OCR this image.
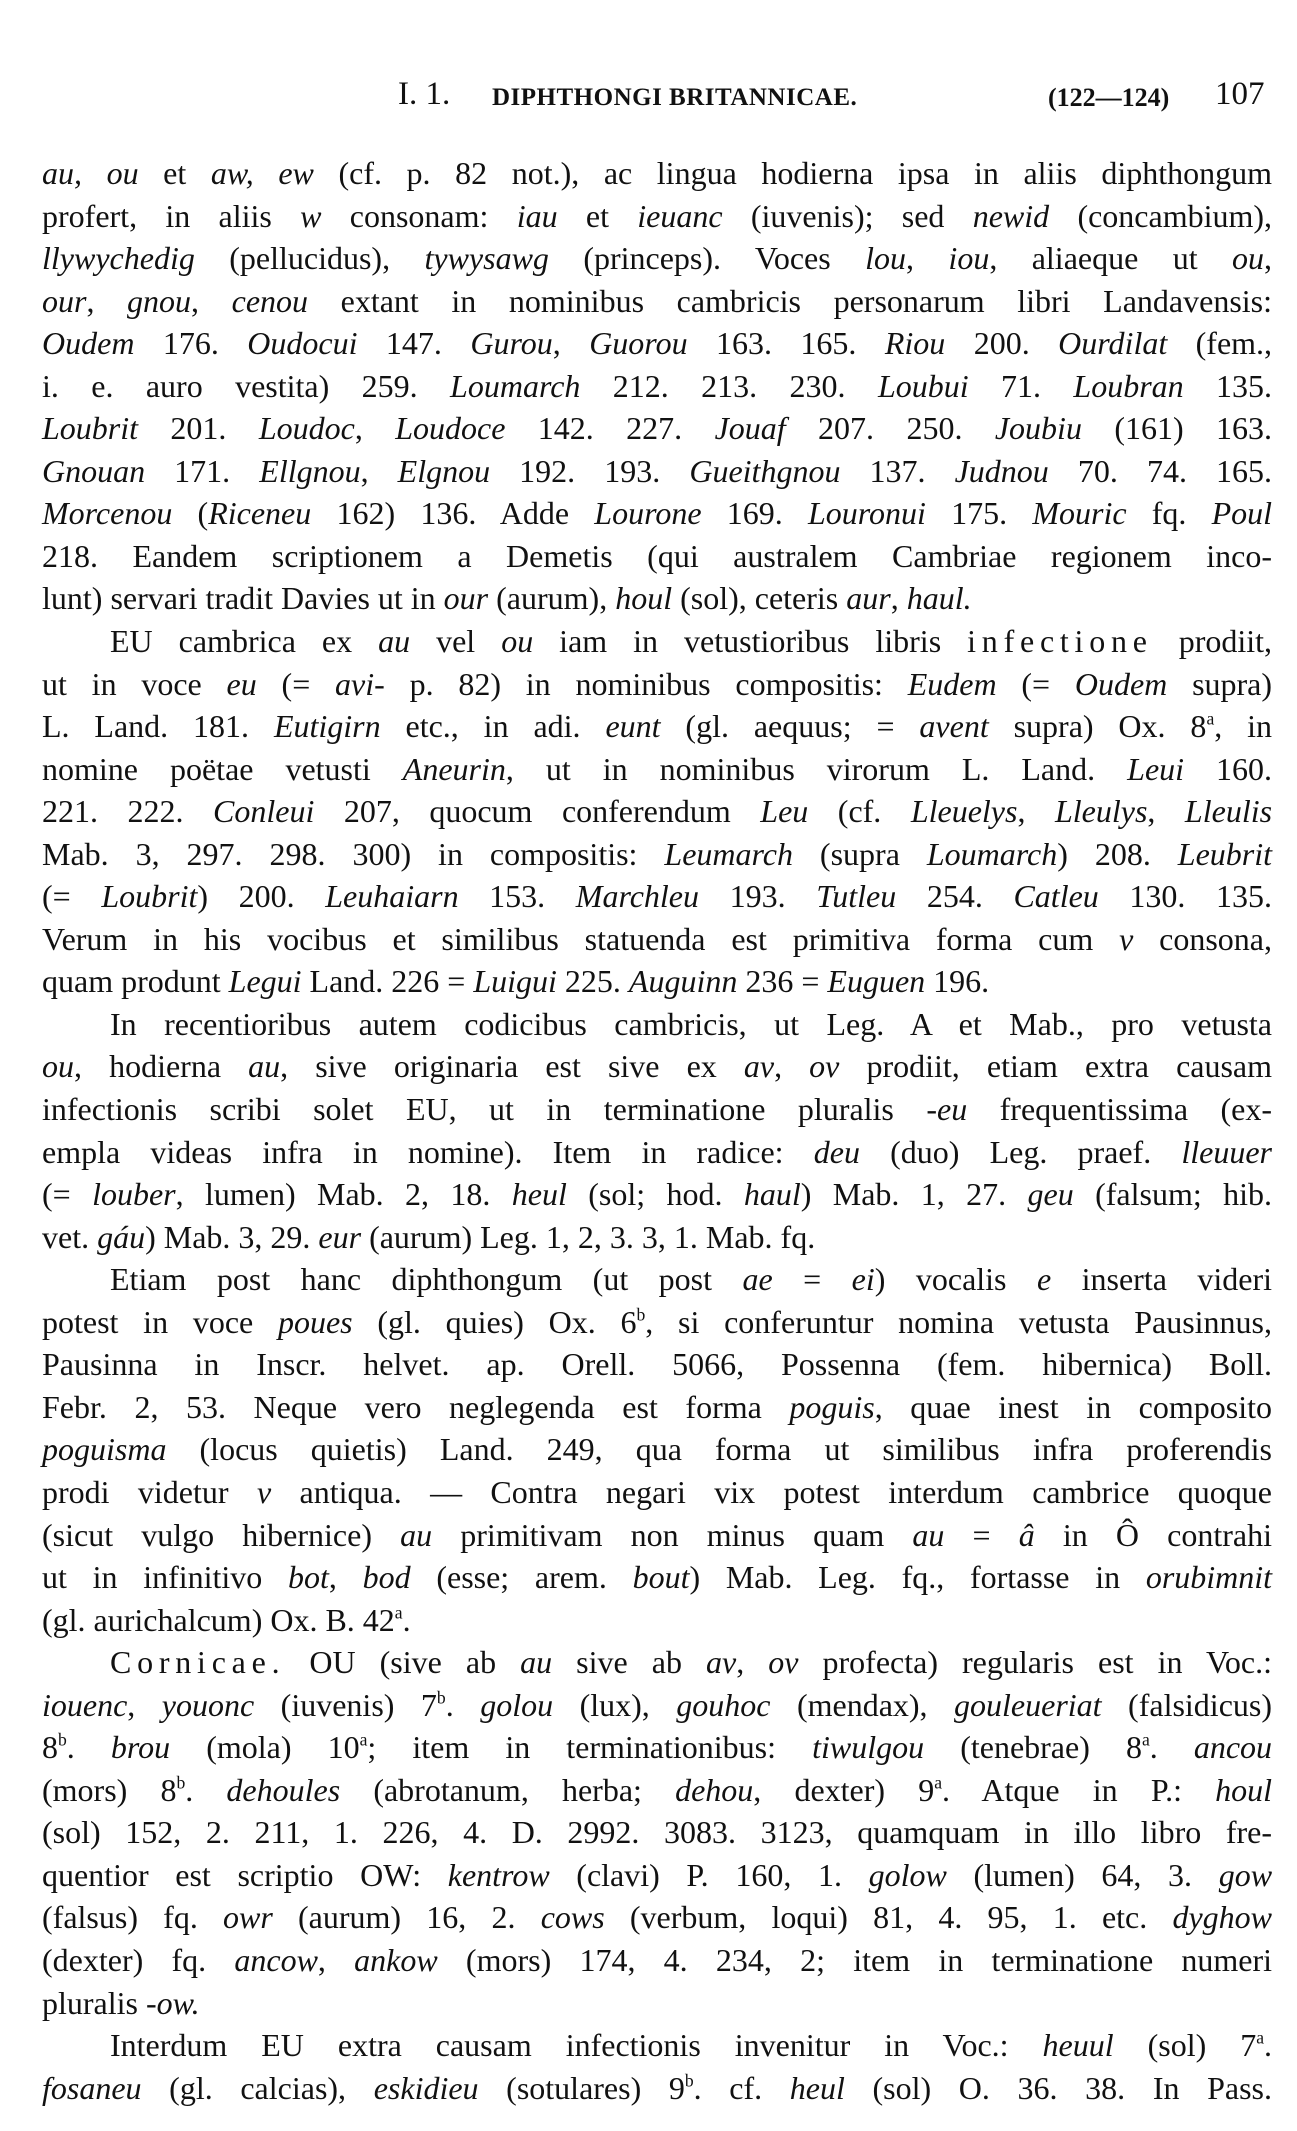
I. 1. DIPHTHONGI BRITANNICAE.	(122—124) 107
au, ou et aw, ew (cf. p. 82 not.), ac lingua hodierna ipsa in aliis diphthongum
profert, in aliis w consonam: iau et ieuanc (iuvenis); sed newid (concambium),
llywychedig (pellucidus), tywysawg (princeps). Voces lou, iou, aliaeque ut ou,
our, gnou, cenou extant in nominibus cambricis personarum libri Landavensis:
Oudem 176. Oudocui 147. Gurou, Guorou 163. 165. Riou 200. Ourdilat (fem.,
i. e. auro vestita) 259. Loumarch 212. 213. 230. Loubui 71. Loubran 135.
Loubrit 201. Loudoc, Loudoce 142. 227. Jouaf 207. 250. Joubiu (161) 163.
Gnouan 171. Ellgnou, Elgnou 192. 193. Gueithgnou 137. Judnou 70. 74. 165.
Morcenou (Riceneu 162) 136. Adde Lourone 169. Louronui 175. Mouric fq. Poul
218. Eandem scriptionem a Demetis (qui australem Cambriae regionem inco-
lunt) servari tradit Davies ut in our (aurum), houl (sol), ceteris aur, haul.
EU cambrica ex au vel ou iam in vetustioribus libris infectione prodiit,
ut in voce eu (= avi- p. 82) in nominibus compositis: Eudem (= Oudem supra)
L. Land. 181. Eutigirn etc., in adi. eunt (gl. aequus; = avent supra) Ox. 8$^a$, in
nomine poëtae vetusti Aneurin, ut in nominibus virorum L. Land. Leui 160.
221. 222. Conleui 207, quocum conferendum Leu (cf. Lleuelys, Lleulys, Lleulis
Mab. 3, 297. 298. 300) in compositis: Leumarch (supra Loumarch) 208. Leubrit
(= Loubrit) 200. Leuhaiarn 153. Marchleu 193. Tutleu 254. Catleu 130. 135.
Verum in his vocibus et similibus statuenda est primitiva forma cum v consona,
quam produnt Legui Land. 226 = Luigui 225. Auguinn 236 = Euguen 196.
In recentioribus autem codicibus cambricis, ut Leg. A et Mab., pro vetusta
ou, hodierna au, sive originaria est sive ex av, ov prodiit, etiam extra causam
infectionis scribi solet EU, ut in terminatione pluralis -eu frequentissima (ex-
empla videas infra in nomine). Item in radice: deu (duo) Leg. praef. lleuuer
(= louber, lumen) Mab. 2, 18. heul (sol; hod. haul) Mab. 1, 27. geu (falsum; hib.
vet. gáu) Mab. 3, 29. eur (aurum) Leg. 1, 2, 3. 3, 1. Mab. fq.
Etiam post hanc diphthongum (ut post ae = ei) vocalis e inserta videri
potest in voce poues (gl. quies) Ox. 6$^b$, si conferuntur nomina vetusta Pausinnus,
Pausinna in Inscr. helvet. ap. Orell. 5066, Possenna (fem. hibernica) Boll.
Febr. 2, 53. Neque vero neglegenda est forma poguis, quae inest in composito
poguisma (locus quietis) Land. 249, qua forma ut similibus infra proferendis
prodi videtur v antiqua. — Contra negari vix potest interdum cambrice quoque
(sicut vulgo hibernice) au primitivam non minus quam au = â in Ô contrahi
ut in infinitivo bot, bod (esse; arem. bout) Mab. Leg. fq., fortasse in orubimnit
(gl. aurichalcum) Ox. B. 42$^a$.
Cornicae. OU (sive ab au sive ab av, ov profecta) regularis est in Voc.:
iouenc, youonc (iuvenis) 7$^b$. golou (lux), gouhoc (mendax), gouleueriat (falsidicus)
8$^b$. brou (mola) 10$^a$; item in terminationibus: tiwulgou (tenebrae) 8$^a$. ancou
(mors) 8$^b$. dehoules (abrotanum, herba; dehou, dexter) 9$^a$. Atque in P.: houl
(sol) 152, 2. 211, 1. 226, 4. D. 2992. 3083. 3123, quamquam in illo libro fre-
quentior est scriptio OW: kentrow (clavi) P. 160, 1. golow (lumen) 64, 3. gow
(falsus) fq. owr (aurum) 16, 2. cows (verbum, loqui) 81, 4. 95, 1. etc. dyghow
(dexter) fq. ancow, ankow (mors) 174, 4. 234, 2; item in terminatione numeri
pluralis -ow.
Interdum EU extra causam infectionis invenitur in Voc.: heuul (sol) 7$^a$.
fosaneu (gl. calcias), eskidieu (sotulares) 9$^b$. cf. heul (sol) O. 36. 38. In Pass.
